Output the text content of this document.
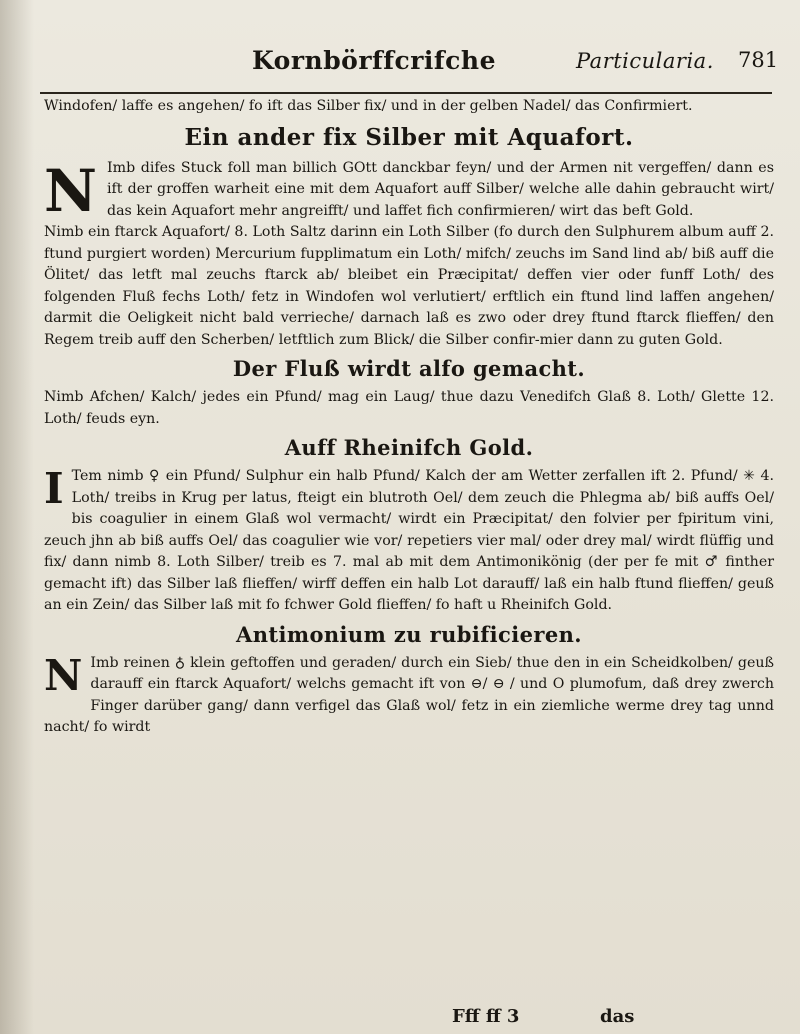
Kornbörffcrifche	Particularia. 781

Windofen/ laffe es angehen/ fo ift das Silber fix/ und in der gelben Nadel/ das Confirmiert.

Ein ander fix Silber mit Aquafort.

N Imb difes Stuck foll man billich GOtt danckbar feyn/ und der Armen nit vergeffen/ dann es ift der groffen warheit eine mit dem Aquafort auff Silber/ welche alle dahin gebraucht wirt/ das kein Aquafort mehr angreifft/ und laffet fich confirmieren/ wirt das beft Gold.

Nimb ein ftarck Aquafort/ 8. Loth Saltz darinn ein Loth Silber (fo durch den Sulphurem album auff 2. ftund purgiert worden) Mercurium fupplimatum ein Loth/ mifch/ zeuchs im Sand lind ab/ biß auff die Ölitet/ das letft mal zeuchs ftarck ab/ bleibet ein Præcipitat/ deffen vier oder funff Loth/ des folgenden Fluß fechs Loth/ fetz in Windofen wol verlutiert/ erftlich ein ftund lind laffen angehen/ darmit die Oeligkeit nicht bald verrieche/ darnach laß es zwo oder drey ftund ftarck flieffen/ den Regem treib auff den Scherben/ letftlich zum Blick/ die Silber confir-mier dann zu guten Gold.

Der Fluß wirdt alfo gemacht.

Nimb Afchen/ Kalch/ jedes ein Pfund/ mag ein Laug/ thue dazu Venedifch Glaß 8. Loth/ Glette 12. Loth/ feuds eyn.

Auff Rheinifch Gold.

I Tem nimb ♀ ein Pfund/ Sulphur ein halb Pfund/ Kalch der am Wetter zerfallen ift 2. Pfund/ ✳ 4. Loth/ treibs in Krug per latus, fteigt ein blutroth Oel/ dem zeuch die Phlegma ab/ biß auffs Oel/ bis coagulier in einem Glaß wol vermacht/ wirdt ein Præcipitat/ den folvier per fpiritum vini, zeuch jhn ab biß auffs Oel/ das coagulier wie vor/ repetiers vier mal/ oder drey mal/ wirdt flüffig und fix/ dann nimb 8. Loth Silber/ treib es 7. mal ab mit dem Antimonikönig (der per fe mit ♂ finther gemacht ift) das Silber laß flieffen/ wirff deffen ein halb Lot darauff/ laß ein halb ftund flieffen/ geuß an ein Zein/ das Silber laß mit fo fchwer Gold flieffen/ fo haft u Rheinifch Gold.

Antimonium zu rubificieren.

N Imb reinen ♁ klein geftoffen und geraden/ durch ein Sieb/ thue den in ein Scheidkolben/ geuß darauff ein ftarck Aquafort/ welchs gemacht ift von ⊖/ ⊖ / und O plumofum, daß drey zwerch Finger darüber gang/ dann verfigel das Glaß wol/ fetz in ein ziemliche werme drey tag unnd nacht/ fo wirdt

Fff ff 3	das
